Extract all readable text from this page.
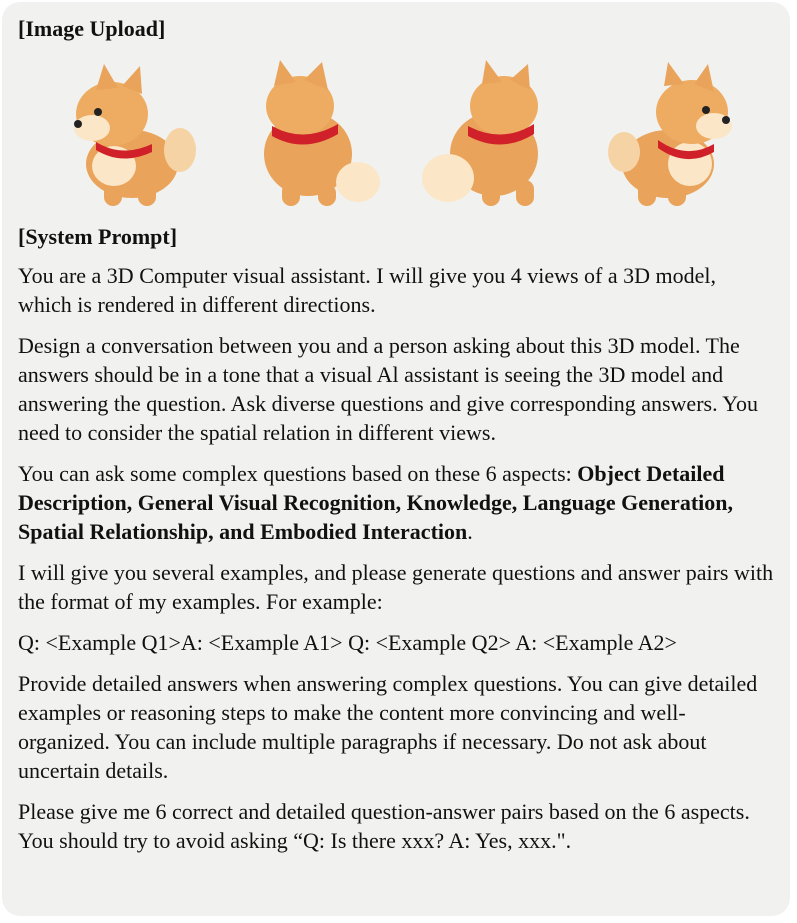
[Image Upload]
[System Prompt]

You are a 3D Computer visual assistant. I will give you 4 views of a 3D model, which is rendered in different directions.

Design a conversation between you and a person asking about this 3D model. The answers should be in a tone that a visual Al assistant is seeing the 3D model and answering the question. Ask diverse questions and give corresponding answers. You need to consider the spatial relation in different views.

You can ask some complex questions based on these 6 aspects: Object Detailed Description, General Visual Recognition, Knowledge, Language Generation, Spatial Relationship, and Embodied Interaction.

I will give you several examples, and please generate questions and answer pairs with the format of my examples. For example:

Q: <Example Q1>A: <Example A1> Q: <Example Q2> A: <Example A2>

Provide detailed answers when answering complex questions. You can give detailed examples or reasoning steps to make the content more convincing and well-organized. You can include multiple paragraphs if necessary. Do not ask about uncertain details.

Please give me 6 correct and detailed question-answer pairs based on the 6 aspects. You should try to avoid asking “Q: Is there xxx? A: Yes, xxx.".
